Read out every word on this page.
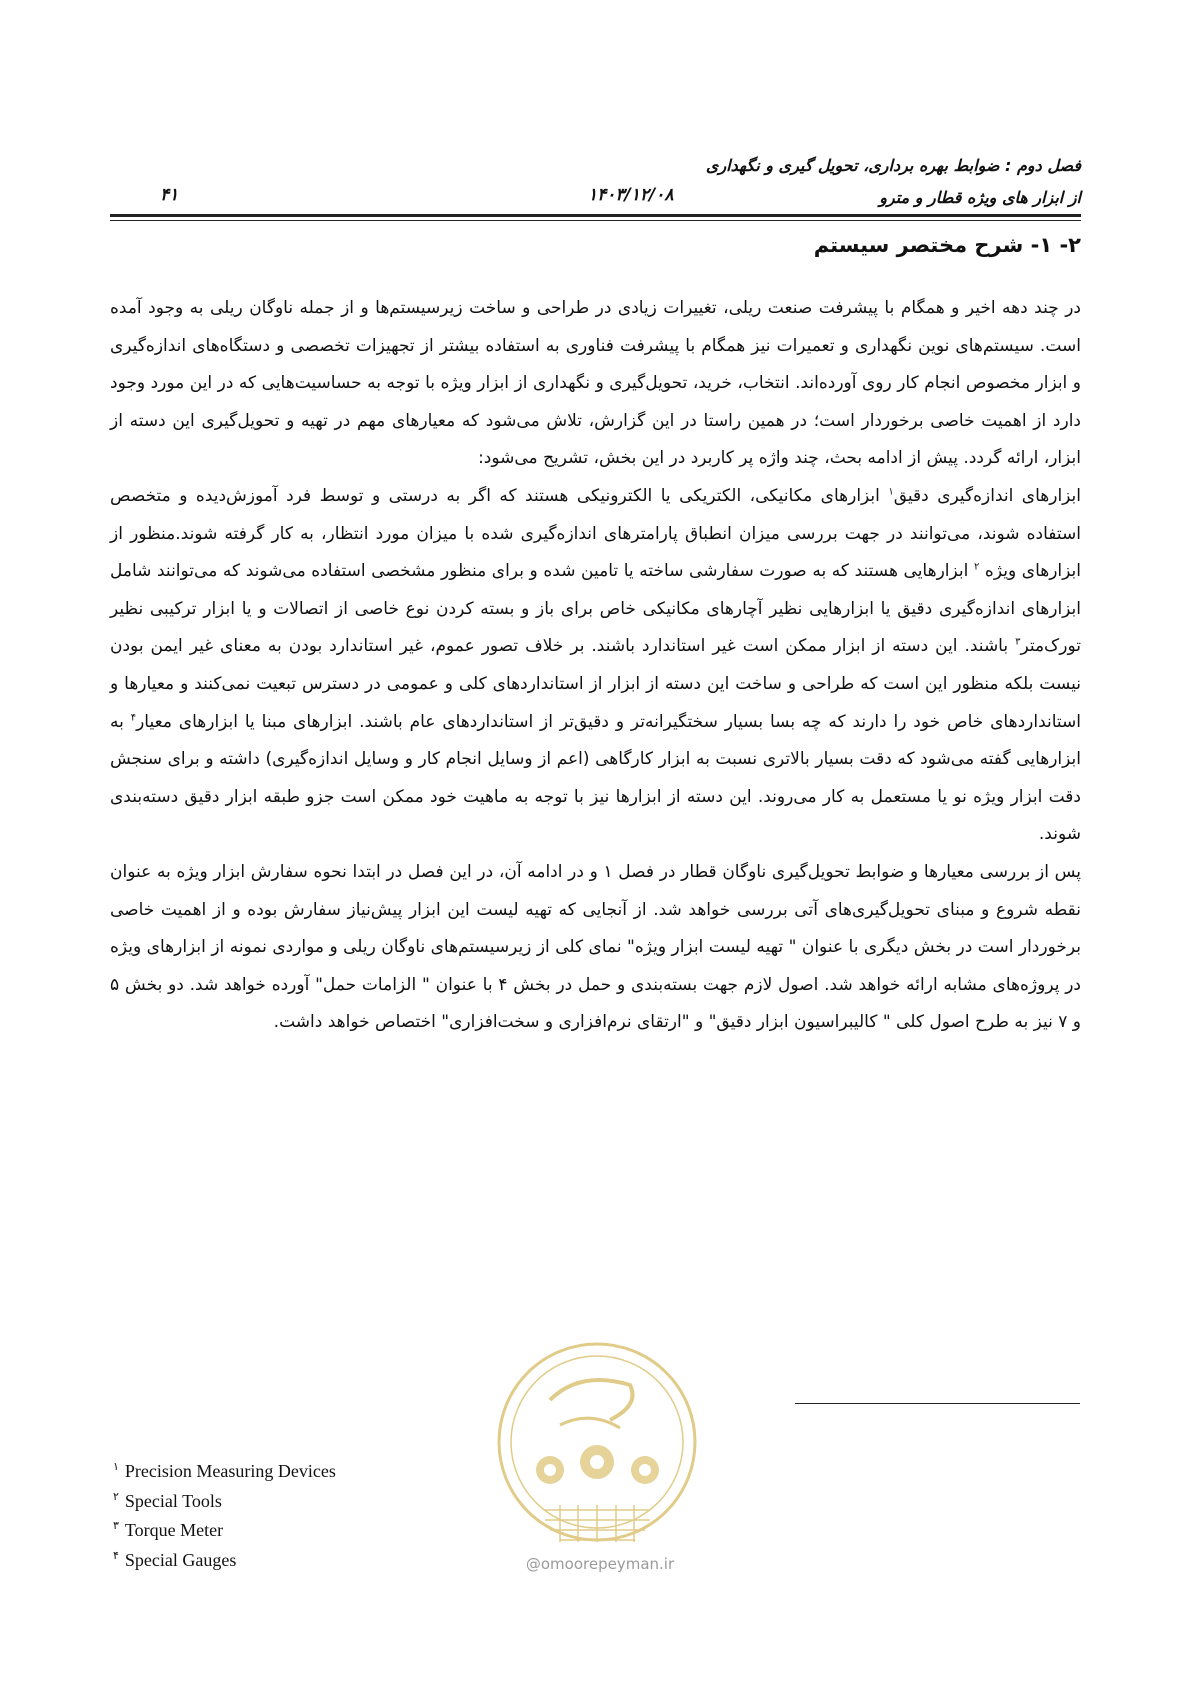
فصل دوم : ضوابط بهره برداری، تحویل گیری و نگهداری
از ابزار های ویژه قطار و مترو
۱۴۰۳/۱۲/۰۸
۴۱
۲- ۱- شرح مختصر سیستم

در چند دهه اخیر و همگام با پیشرفت صنعت ریلی، تغییرات زیادی در طراحی و ساخت زیرسیستم‌ها و از جمله ناوگان ریلی به وجود آمده است. سیستم‌های نوین نگهداری و تعمیرات نیز همگام با پیشرفت فناوری به استفاده بیشتر از تجهیزات تخصصی و دستگاه‌های اندازه‌گیری و ابزار مخصوص انجام کار روی آورده‌اند. انتخاب، خرید، تحویل‌گیری و نگهداری از ابزار ویژه با توجه به حساسیت‌هایی که در این مورد وجود دارد از اهمیت خاصی برخوردار است؛ در همین راستا در این گزارش، تلاش می‌شود که معیارهای مهم در تهیه و تحویل‌گیری این دسته از ابزار، ارائه گردد. پیش از ادامه بحث، چند واژه پر کاربرد در این بخش، تشریح می‌شود:

ابزارهای اندازه‌گیری دقیق$^۱$ ابزارهای مکانیکی، الکتریکی یا الکترونیکی هستند که اگر به درستی و توسط فرد آموزش‌دیده و متخصص استفاده شوند، می‌توانند در جهت بررسی میزان انطباق پارامترهای اندازه‌گیری شده با میزان مورد انتظار، به کار گرفته شوند.منظور از ابزارهای ویژه $^۲$ ابزارهایی هستند که به صورت سفارشی ساخته یا تامین شده و برای منظور مشخصی استفاده می‌شوند که می‌توانند شامل ابزارهای اندازه‌گیری دقیق یا ابزارهایی نظیر آچارهای مکانیکی خاص برای باز و بسته کردن نوع خاصی از اتصالات و یا ابزار ترکیبی نظیر تورک‌متر$^۳$ باشند. این دسته از ابزار ممکن است غیر استاندارد باشند. بر خلاف تصور عموم، غیر استاندارد بودن به معنای غیر ایمن بودن نیست بلکه منظور این است که طراحی و ساخت این دسته از ابزار از استانداردهای کلی و عمومی در دسترس تبعیت نمی‌کنند و معیارها و استانداردهای خاص خود را دارند که چه بسا بسیار سختگیرانه‌تر و دقیق‌تر از استانداردهای عام باشند. ابزارهای مبنا یا ابزارهای معیار$^۴$ به ابزارهایی گفته می‌شود که دقت بسیار بالاتری نسبت به ابزار کارگاهی (اعم از وسایل انجام کار و وسایل اندازه‌گیری) داشته و برای سنجش دقت ابزار ویژه نو یا مستعمل به کار می‌روند. این دسته از ابزارها نیز با توجه به ماهیت خود ممکن است جزو طبقه ابزار دقیق دسته‌بندی شوند.

پس از بررسی معیارها و ضوابط تحویل‌گیری ناوگان قطار در فصل ۱ و در ادامه آن، در این فصل در ابتدا نحوه سفارش ابزار ویژه به عنوان نقطه شروع و مبنای تحویل‌گیری‌های آتی بررسی خواهد شد. از آنجایی که تهیه لیست این ابزار پیش‌نیاز سفارش بوده و از اهمیت خاصی برخوردار است در بخش دیگری با عنوان " تهیه لیست ابزار ویژه" نمای کلی از زیرسیستم‌های ناوگان ریلی و مواردی نمونه از ابزارهای ویژه در پروژه‌های مشابه ارائه خواهد شد. اصول لازم جهت بسته‌بندی و حمل در بخش ۴ با عنوان " الزامات حمل" آورده خواهد شد. دو بخش ۵ و ۷ نیز به طرح اصول کلی " کالیبراسیون ابزار دقیق" و "ارتقای نرم‌افزاری و سخت‌افزاری" اختصاص خواهد داشت.

$^۱$ Precision Measuring Devices
$^۲$ Special Tools
$^۳$ Torque Meter
$^۴$ Special Gauges	@omoorepeyman.ir
